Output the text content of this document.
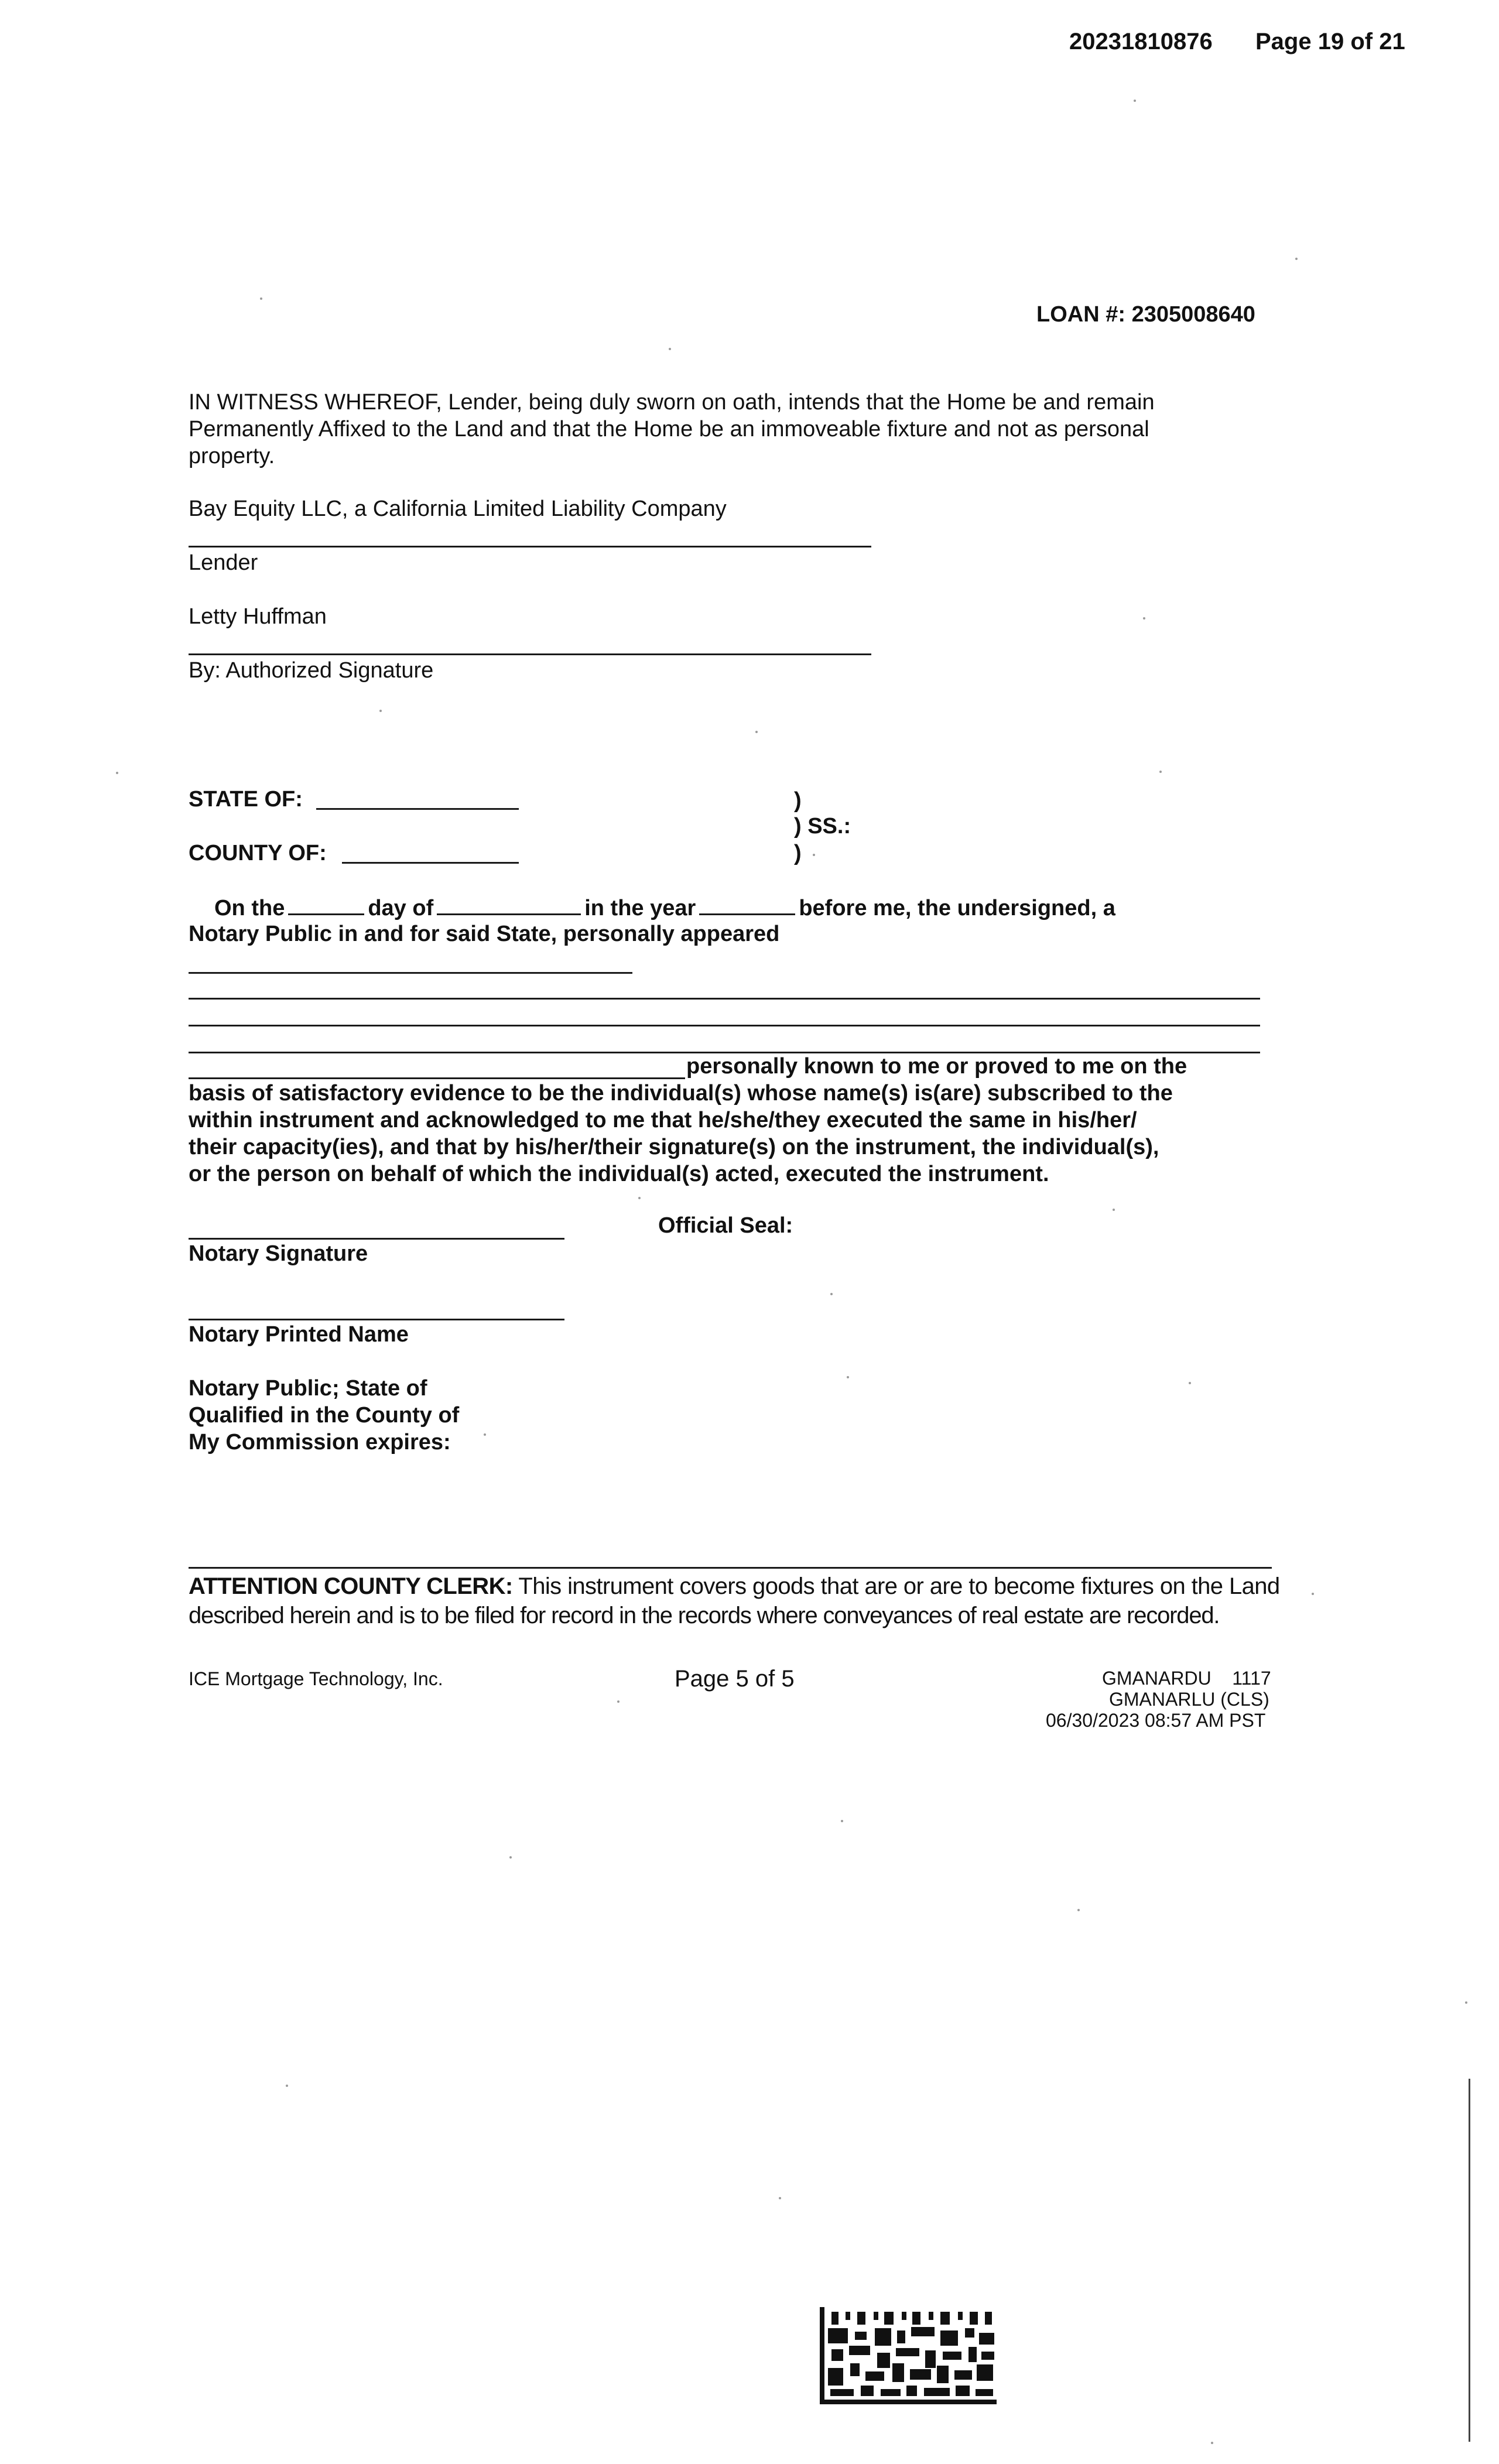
20231810876 Page 19 of 21
LOAN #: 2305008640
IN WITNESS WHEREOF, Lender, being duly sworn on oath, intends that the Home be and remain
Permanently Affixed to the Land and that the Home be an immoveable fixture and not as personal
property.
Bay Equity LLC, a California Limited Liability Company
Lender
Letty Huffman
By: Authorized Signature
STATE OF:
COUNTY OF:
)
) SS.:
)
On the	day of	in the year	before me, the undersigned, a
Notary Public in and for said State, personally appeared
personally known to me or proved to me on the
basis of satisfactory evidence to be the individual(s) whose name(s) is(are) subscribed to the
within instrument and acknowledged to me that he/she/they executed the same in his/her/
their capacity(ies), and that by his/her/their signature(s) on the instrument, the individual(s),
or the person on behalf of which the individual(s) acted, executed the instrument.
Official Seal:
Notary Signature
Notary Printed Name
Notary Public; State of
Qualified in the County of
My Commission expires:
ATTENTION COUNTY CLERK: This instrument covers goods that are or are to become fixtures on the Land
described herein and is to be filed for record in the records where conveyances of real estate are recorded.
ICE Mortgage Technology, Inc.	Page 5 of 5	GMANARDU    1117
GMANARLU (CLS)
06/30/2023 08:57 AM PST
